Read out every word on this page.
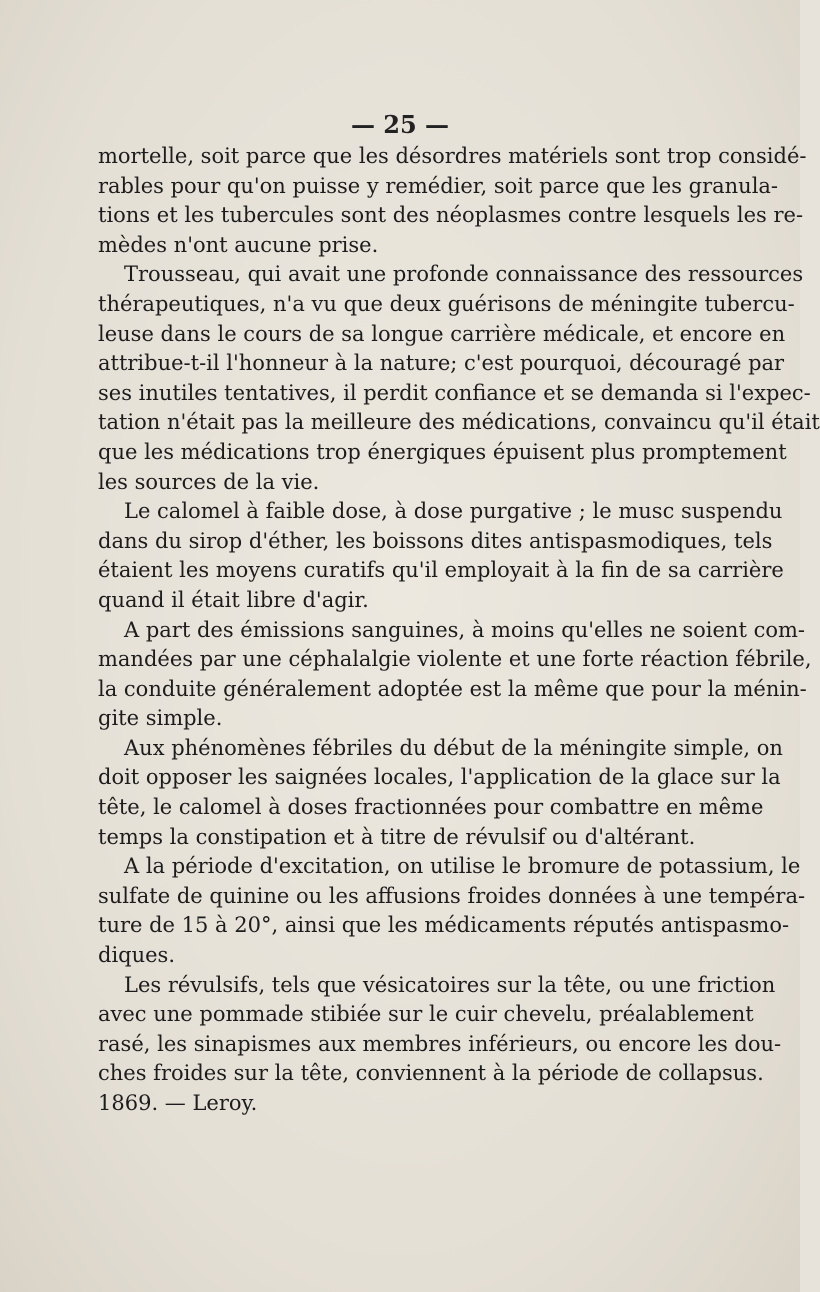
— 25 —
mortelle, soit parce que les désordres matériels sont trop considé-
rables pour qu'on puisse y remédier, soit parce que les granula-
tions et les tubercules sont des néoplasmes contre lesquels les re-
mèdes n'ont aucune prise.
Trousseau, qui avait une profonde connaissance des ressources
thérapeutiques, n'a vu que deux guérisons de méningite tubercu-
leuse dans le cours de sa longue carrière médicale, et encore en
attribue-t-il l'honneur à la nature; c'est pourquoi, découragé par
ses inutiles tentatives, il perdit confiance et se demanda si l'expec-
tation n'était pas la meilleure des médications, convaincu qu'il était
que les médications trop énergiques épuisent plus promptement
les sources de la vie.
Le calomel à faible dose, à dose purgative ; le musc suspendu
dans du sirop d'éther, les boissons dites antispasmodiques, tels
étaient les moyens curatifs qu'il employait à la fin de sa carrière
quand il était libre d'agir.
A part des émissions sanguines, à moins qu'elles ne soient com-
mandées par une céphalalgie violente et une forte réaction fébrile,
la conduite généralement adoptée est la même que pour la ménin-
gite simple.
Aux phénomènes fébriles du début de la méningite simple, on
doit opposer les saignées locales, l'application de la glace sur la
tête, le calomel à doses fractionnées pour combattre en même
temps la constipation et à titre de révulsif ou d'altérant.
A la période d'excitation, on utilise le bromure de potassium, le
sulfate de quinine ou les affusions froides données à une tempéra-
ture de 15 à 20°, ainsi que les médicaments réputés antispasmo-
diques.
Les révulsifs, tels que vésicatoires sur la tête, ou une friction
avec une pommade stibiée sur le cuir chevelu, préalablement
rasé, les sinapismes aux membres inférieurs, ou encore les dou-
ches froides sur la tête, conviennent à la période de collapsus.
1869. — Leroy.
